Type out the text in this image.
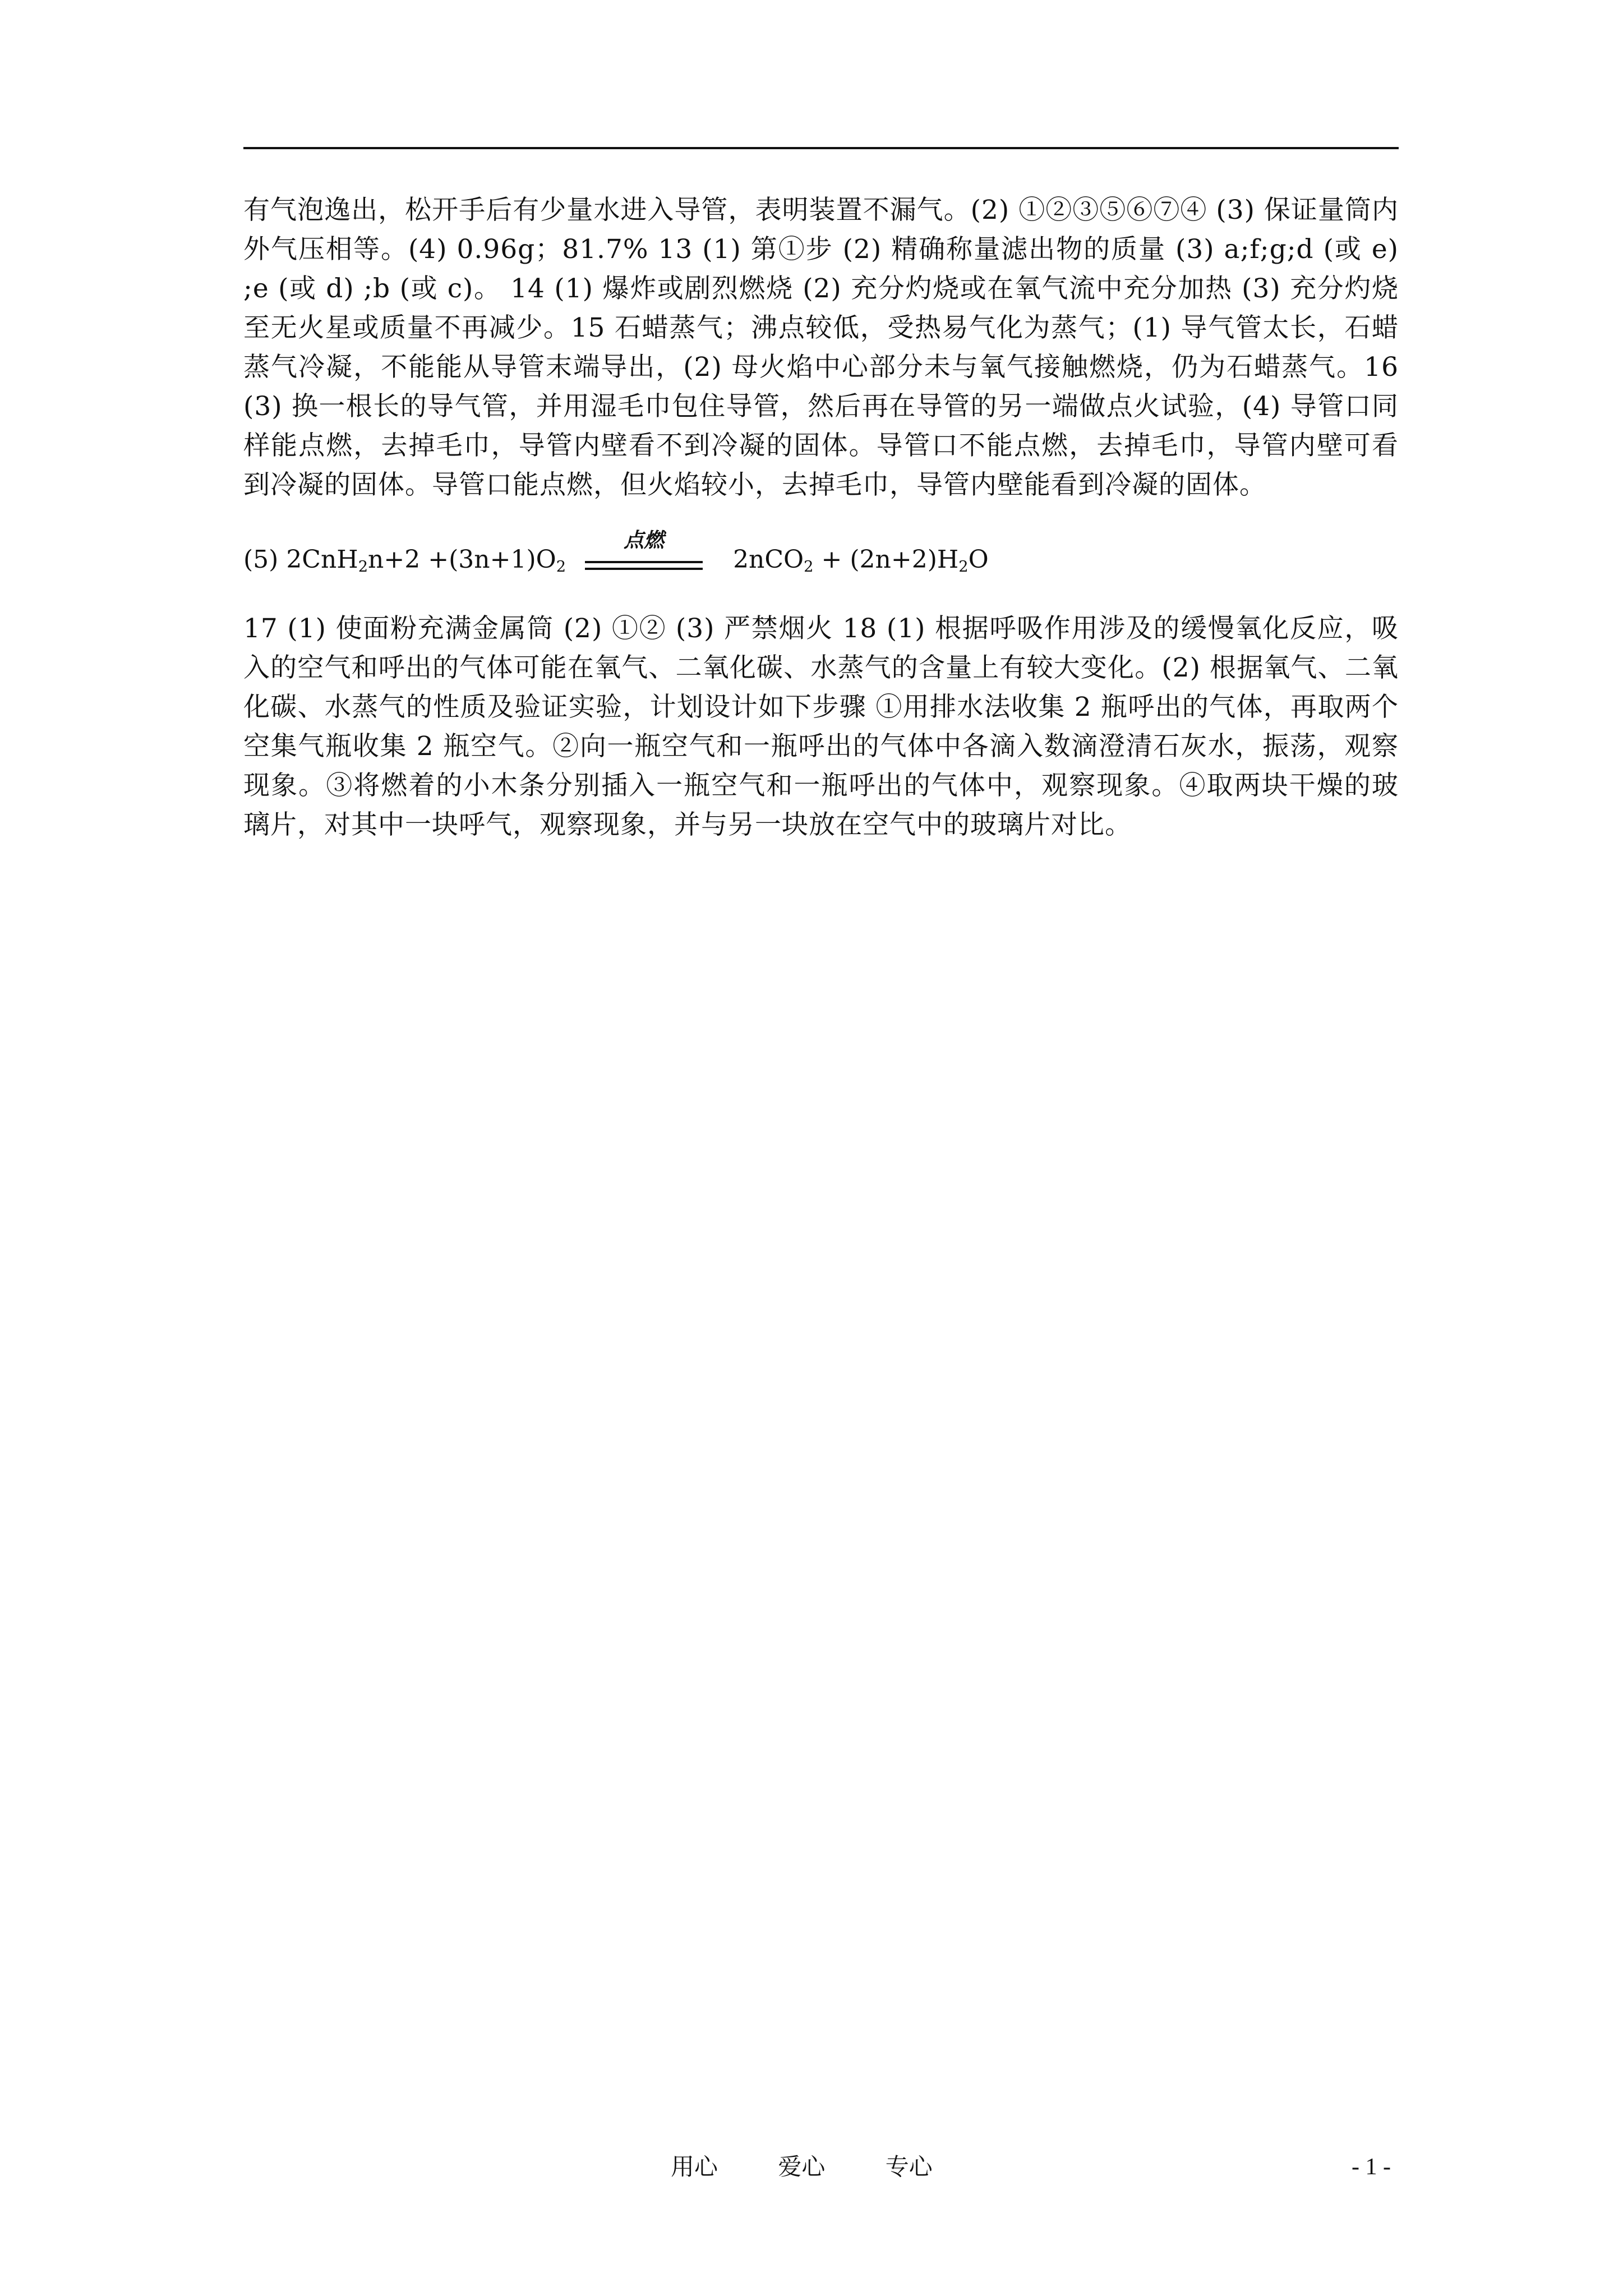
有气泡逸出，松开手后有少量水进入导管，表明装置不漏气。(2) ①②③⑤⑥⑦④ (3) 保证量筒内外气压相等。(4) 0.96g；81.7% 13 (1) 第①步 (2) 精确称量滤出物的质量 (3) a;f;g;d (或 e) ;e (或 d) ;b (或 c)。 14 (1) 爆炸或剧烈燃烧 (2) 充分灼烧或在氧气流中充分加热 (3) 充分灼烧至无火星或质量不再减少。15 石蜡蒸气；沸点较低，受热易气化为蒸气；(1) 导气管太长，石蜡蒸气冷凝，不能能从导管末端导出，(2) 母火焰中心部分未与氧气接触燃烧，仍为石蜡蒸气。16 (3) 换一根长的导气管，并用湿毛巾包住导管，然后再在导管的另一端做点火试验，(4) 导管口同样能点燃，去掉毛巾，导管内壁看不到冷凝的固体。导管口不能点燃，去掉毛巾，导管内壁可看到冷凝的固体。导管口能点燃，但火焰较小，去掉毛巾，导管内壁能看到冷凝的固体。

(5) $2CnH_2n+2 +(3n+1)O_2$
点燃
$2nCO_2 + (2n+2)H_2O$

17 (1) 使面粉充满金属筒 (2) ①② (3) 严禁烟火 18 (1) 根据呼吸作用涉及的缓慢氧化反应，吸入的空气和呼出的气体可能在氧气、二氧化碳、水蒸气的含量上有较大变化。(2) 根据氧气、二氧化碳、水蒸气的性质及验证实验，计划设计如下步骤 ①用排水法收集 2 瓶呼出的气体，再取两个空集气瓶收集 2 瓶空气。②向一瓶空气和一瓶呼出的气体中各滴入数滴澄清石灰水，振荡，观察现象。③将燃着的小木条分别插入一瓶空气和一瓶呼出的气体中，观察现象。④取两块干燥的玻璃片，对其中一块呼气，观察现象，并与另一块放在空气中的玻璃片对比。

用心	爱心	专心	- 1 -
